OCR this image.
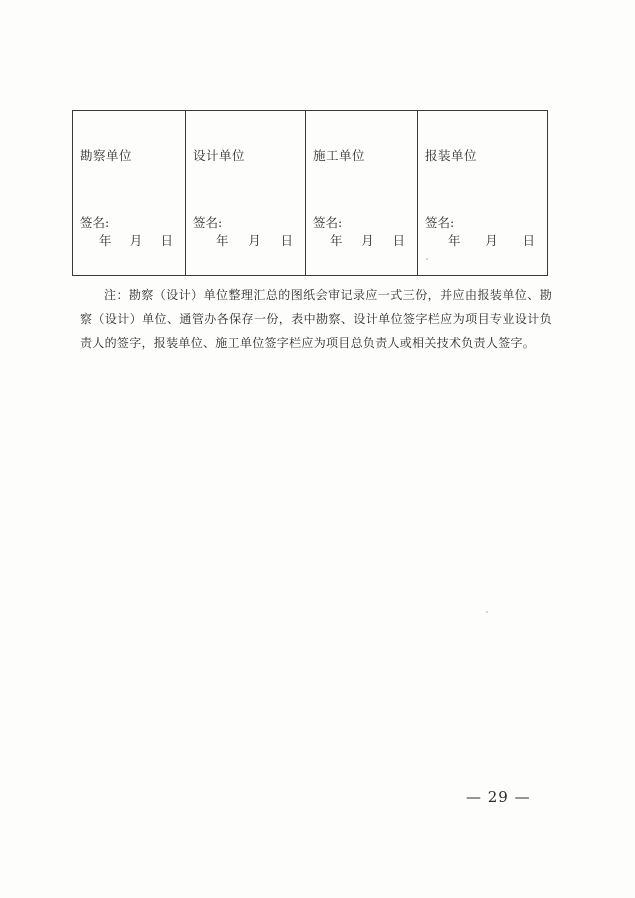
勘察单位
签名:
年 月 日
设计单位
签名:
年 月 日
施工单位
签名:
年 月 日
报装单位
签名:
年 月 日

注：勘察（设计）单位整理汇总的图纸会审记录应一式三份，并应由报装单位、勘察（设计）单位、通管办各保存一份，表中勘察、设计单位签字栏应为项目专业设计负责人的签字，报装单位、施工单位签字栏应为项目总负责人或相关技术负责人签字。

— 29 —
